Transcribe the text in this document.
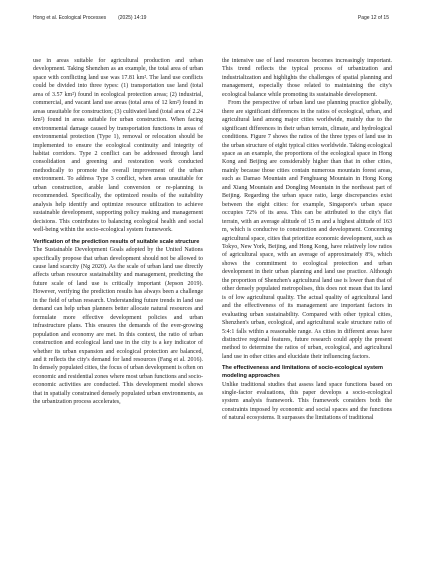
Hong et al. Ecological Processes (2025) 14:19	Page 12 of 15

use in areas suitable for agricultural production and urban development. Taking Shenzhen as an example, the total area of urban space with conflicting land use was 17.81 km². The land use conflicts could be divided into three types: (1) transportation use land (total area of 3.57 km²) found in ecological protection areas; (2) industrial, commercial, and vacant land use areas (total area of 12 km²) found in areas unsuitable for construction; (3) cultivated land (total area of 2.24 km²) found in areas suitable for urban construction. When facing environmental damage caused by transportation functions in areas of environmental protection (Type 1), removal or relocation should be implemented to ensure the ecological continuity and integrity of habitat corridors. Type 2 conflict can be addressed through land consolidation and greening and restoration work conducted methodically to promote the overall improvement of the urban environment. To address Type 3 conflict, when areas unsuitable for urban construction, arable land conversion or re-planning is recommended. Specifically, the optimized results of the suitability analysis help identify and optimize resource utilization to achieve sustainable development, supporting policy making and management decisions. This contributes to balancing ecological health and social well-being within the socio-ecological system framework.

Verification of the prediction results of suitable scale structure

The Sustainable Development Goals adopted by the United Nations specifically propose that urban development should not be allowed to cause land scarcity (Ng 2020). As the scale of urban land use directly affects urban resource sustainability and management, predicting the future scale of land use is critically important (Jepson 2019). However, verifying the prediction results has always been a challenge in the field of urban research. Understanding future trends in land use demand can help urban planners better allocate natural resources and formulate more effective development policies and urban infrastructure plans. This ensures the demands of the ever-growing population and economy are met. In this context, the ratio of urban construction and ecological land use in the city is a key indicator of whether its urban expansion and ecological protection are balanced, and it reflects the city's demand for land resources (Fang et al. 2016). In densely populated cities, the focus of urban development is often on economic and residential zones where most urban functions and socio-economic activities are conducted. This development model shows that in spatially constrained densely populated urban environments, as the urbanization process accelerates,

the intensive use of land resources becomes increasingly important. This trend reflects the typical process of urbanization and industrialization and highlights the challenges of spatial planning and management, especially those related to maintaining the city's ecological balance while promoting its sustainable development.

From the perspective of urban land use planning practice globally, there are significant differences in the ratios of ecological, urban, and agricultural land among major cities worldwide, mainly due to the significant differences in their urban terrain, climate, and hydrological conditions. Figure 7 shows the ratios of the three types of land use in the urban structure of eight typical cities worldwide. Taking ecological space as an example, the proportions of the ecological space in Hong Kong and Beijing are considerably higher than that in other cities, mainly because those cities contain numerous mountain forest areas, such as Damao Mountain and Fenghuang Mountain in Hong Kong and Xiang Mountain and Dongling Mountain in the northeast part of Beijing. Regarding the urban space ratio, large discrepancies exist between the eight cities: for example, Singapore's urban space occupies 72% of its area. This can be attributed to the city's flat terrain, with an average altitude of 15 m and a highest altitude of 163 m, which is conducive to construction and development. Concerning agricultural space, cities that prioritize economic development, such as Tokyo, New York, Beijing, and Hong Kong, have relatively low ratios of agricultural space, with an average of approximately 8%, which shows the commitment to ecological protection and urban development in their urban planning and land use practice. Although the proportion of Shenzhen's agricultural land use is lower than that of other densely populated metropolises, this does not mean that its land is of low agricultural quality. The actual quality of agricultural land and the effectiveness of its management are important factors in evaluating urban sustainability. Compared with other typical cities, Shenzhen's urban, ecological, and agricultural scale structure ratio of 5:4:1 falls within a reasonable range. As cities in different areas have distinctive regional features, future research could apply the present method to determine the ratios of urban, ecological, and agricultural land use in other cities and elucidate their influencing factors.

The effectiveness and limitations of socio-ecological system modeling approaches

Unlike traditional studies that assess land space functions based on single-factor evaluations, this paper develops a socio-ecological system analysis framework. This framework considers both the constraints imposed by economic and social spaces and the functions of natural ecosystems. It surpasses the limitations of traditional
